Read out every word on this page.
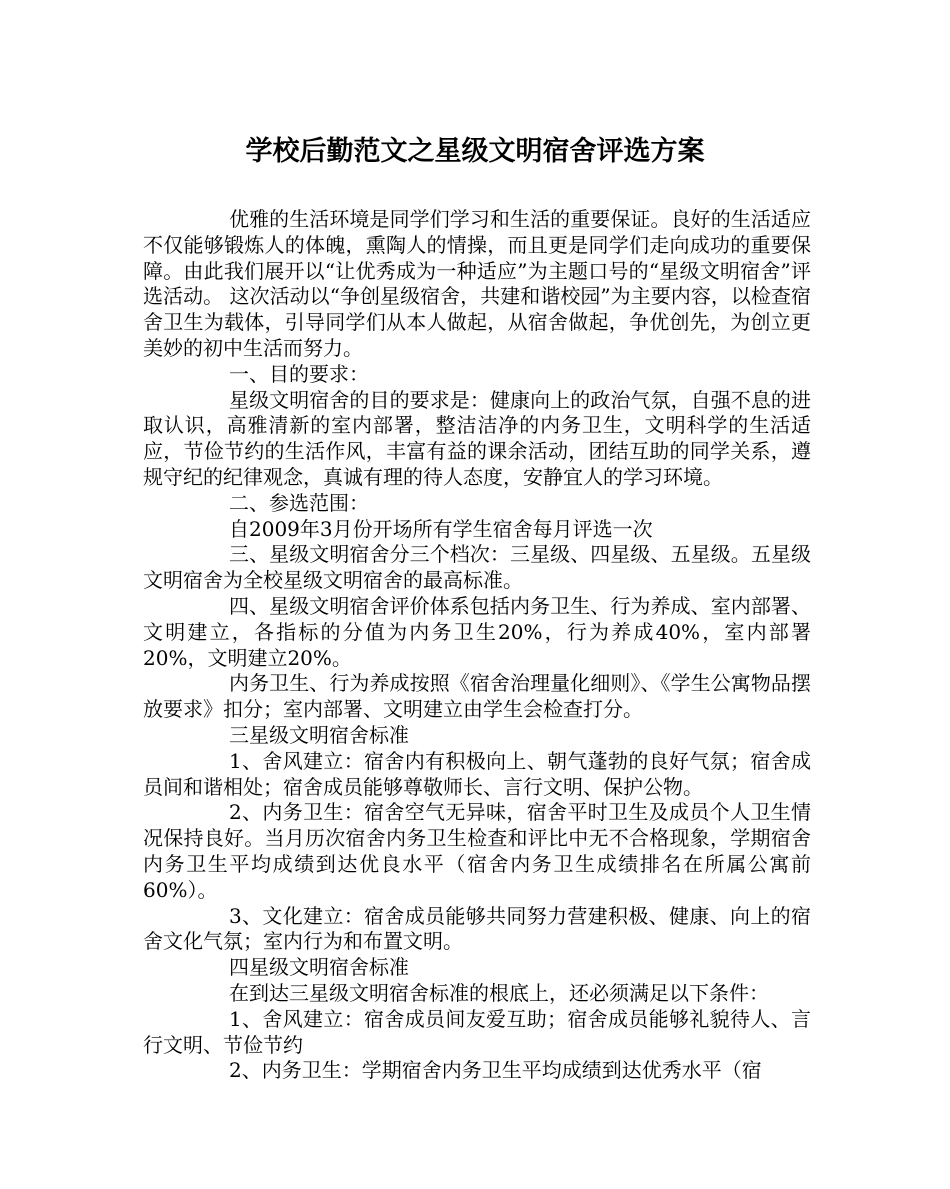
学校后勤范文之星级文明宿舍评选方案

优雅的生活环境是同学们学习和生活的重要保证。良好的生活适应不仅能够锻炼人的体魄，熏陶人的情操，而且更是同学们走向成功的重要保障。由此我们展开以“让优秀成为一种适应”为主题口号的“星级文明宿舍”评选活动。 这次活动以“争创星级宿舍，共建和谐校园”为主要内容，以检查宿舍卫生为载体，引导同学们从本人做起，从宿舍做起，争优创先，为创立更美妙的初中生活而努力。

一、目的要求：

星级文明宿舍的目的要求是：健康向上的政治气氛，自强不息的进取认识，高雅清新的室内部署，整洁洁净的内务卫生，文明科学的生活适应，节俭节约的生活作风，丰富有益的课余活动，团结互助的同学关系，遵规守纪的纪律观念，真诚有理的待人态度，安静宜人的学习环境。

二、参选范围：

自2009年3月份开场所有学生宿舍每月评选一次

三、星级文明宿舍分三个档次：三星级、四星级、五星级。五星级文明宿舍为全校星级文明宿舍的最高标准。

四、星级文明宿舍评价体系包括内务卫生、行为养成、室内部署、文明建立，各指标的分值为内务卫生20%，行为养成40%，室内部署20%，文明建立20%。

内务卫生、行为养成按照《宿舍治理量化细则》、《学生公寓物品摆放要求》扣分；室内部署、文明建立由学生会检查打分。

三星级文明宿舍标准

1、舍风建立：宿舍内有积极向上、朝气蓬勃的良好气氛；宿舍成员间和谐相处；宿舍成员能够尊敬师长、言行文明、保护公物。

2、内务卫生：宿舍空气无异味，宿舍平时卫生及成员个人卫生情况保持良好。当月历次宿舍内务卫生检查和评比中无不合格现象，学期宿舍内务卫生平均成绩到达优良水平（宿舍内务卫生成绩排名在所属公寓前60%）。

3、文化建立：宿舍成员能够共同努力营建积极、健康、向上的宿舍文化气氛；室内行为和布置文明。

四星级文明宿舍标准

在到达三星级文明宿舍标准的根底上，还必须满足以下条件：

1、舍风建立：宿舍成员间友爱互助；宿舍成员能够礼貌待人、言行文明、节俭节约

2、内务卫生：学期宿舍内务卫生平均成绩到达优秀水平（宿
